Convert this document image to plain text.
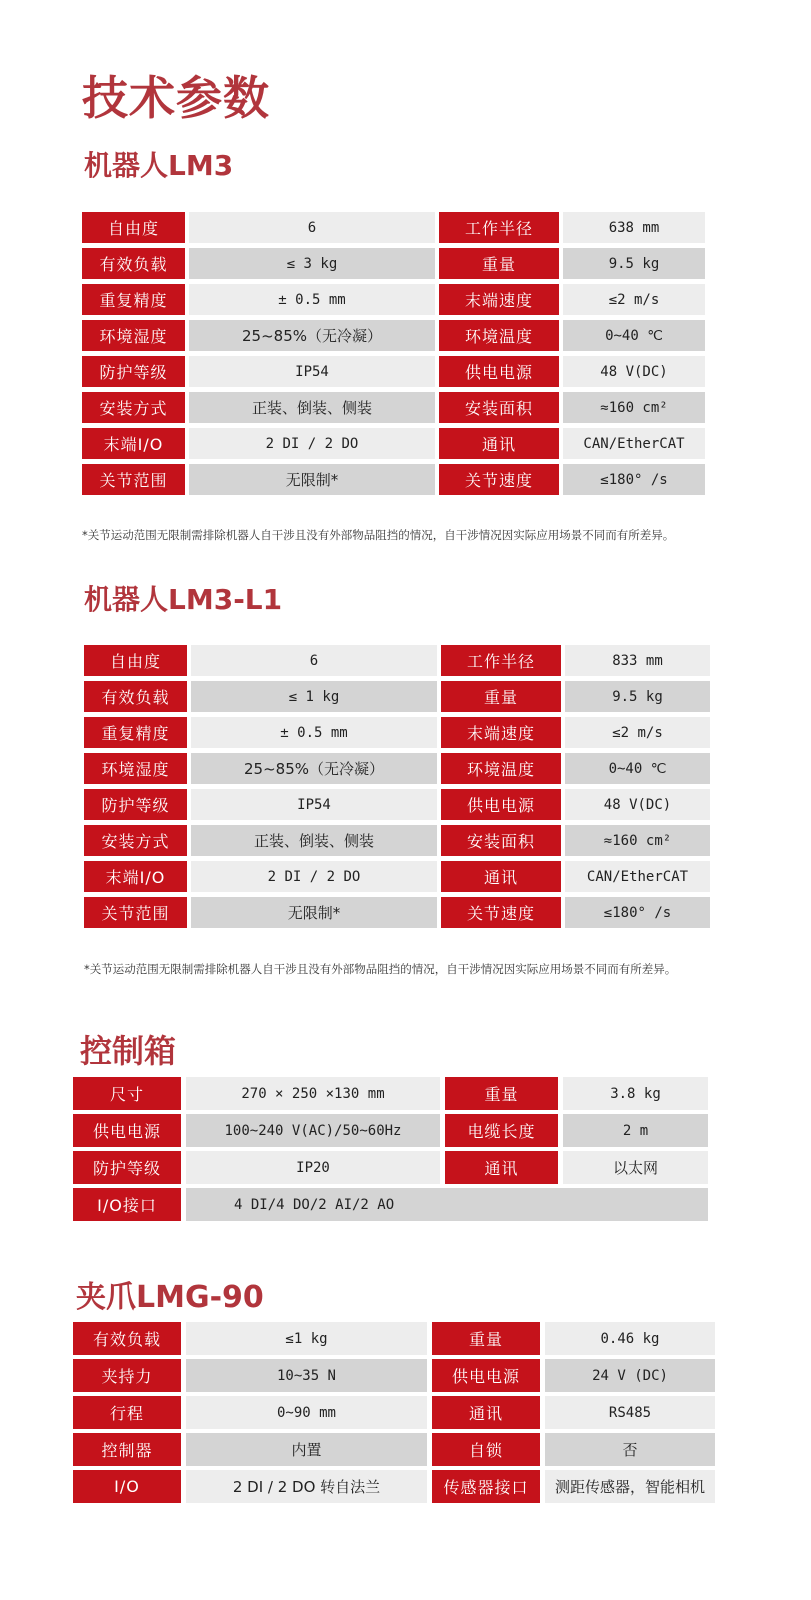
技术参数
机器人LM3
自由度	6	工作半径	638 mm
有效负载	≤ 3 kg	重量	9.5 kg
重复精度	± 0.5 mm	末端速度	≤2 m/s
环境湿度	25~85%（无冷凝）	环境温度	0~40 ℃
防护等级	IP54	供电电源	48 V(DC)
安装方式	正装、倒装、侧装	安装面积	≈160 cm²
末端I/O	2 DI / 2 DO	通讯	CAN/EtherCAT
关节范围	无限制*	关节速度	≤180° /s

*关节运动范围无限制需排除机器人自干涉且没有外部物品阻挡的情况，自干涉情况因实际应用场景不同而有所差异。

机器人LM3-L1
自由度	6	工作半径	833 mm
有效负载	≤ 1 kg	重量	9.5 kg
重复精度	± 0.5 mm	末端速度	≤2 m/s
环境湿度	25~85%（无冷凝）	环境温度	0~40 ℃
防护等级	IP54	供电电源	48 V(DC)
安装方式	正装、倒装、侧装	安装面积	≈160 cm²
末端I/O	2 DI / 2 DO	通讯	CAN/EtherCAT
关节范围	无限制*	关节速度	≤180° /s

*关节运动范围无限制需排除机器人自干涉且没有外部物品阻挡的情况，自干涉情况因实际应用场景不同而有所差异。

控制箱
尺寸	270 × 250 ×130 mm	重量	3.8 kg
供电电源	100~240 V(AC)/50~60Hz	电缆长度	2 m
防护等级	IP20	通讯	以太网
I/O接口	4 DI/4 DO/2 AI/2 AO
夹爪LMG-90
有效负载	≤1 kg	重量	0.46 kg
夹持力	10~35 N	供电电源	24 V (DC)
行程	0~90 mm	通讯	RS485
控制器	内置	自锁	否
I/O	2 DI / 2 DO 转自法兰	传感器接口	测距传感器，智能相机
